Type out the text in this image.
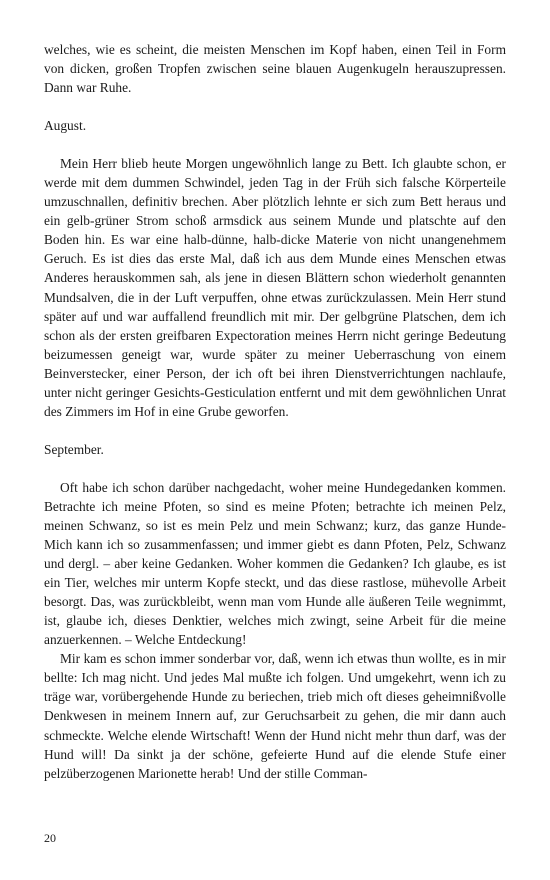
welches, wie es scheint, die meisten Menschen im Kopf haben, einen Teil in Form von dicken, großen Tropfen zwischen seine blauen Augenkugeln herauszupressen. Dann war Ruhe.

August.

Mein Herr blieb heute Morgen ungewöhnlich lange zu Bett. Ich glaubte schon, er werde mit dem dummen Schwindel, jeden Tag in der Früh sich falsche Körperteile umzuschnallen, definitiv brechen. Aber plötzlich lehnte er sich zum Bett heraus und ein gelb-grüner Strom schoß armsdick aus seinem Munde und platschte auf den Boden hin. Es war eine halb-dünne, halb-dicke Materie von nicht unangenehmem Geruch. Es ist dies das erste Mal, daß ich aus dem Munde eines Menschen etwas Anderes herauskommen sah, als jene in diesen Blättern schon wiederholt genannten Mundsalven, die in der Luft verpuffen, ohne etwas zurückzulassen. Mein Herr stund später auf und war auffallend freundlich mit mir. Der gelbgrüne Platschen, dem ich schon als der ersten greifbaren Expectoration meines Herrn nicht geringe Bedeutung beizumessen geneigt war, wurde später zu meiner Ueberraschung von einem Beinverstecker, einer Person, der ich oft bei ihren Dienstverrichtungen nachlaufe, unter nicht geringer Gesichts-Gesticulation entfernt und mit dem gewöhnlichen Unrat des Zimmers im Hof in eine Grube geworfen.

September.

Oft habe ich schon darüber nachgedacht, woher meine Hundegedanken kommen. Betrachte ich meine Pfoten, so sind es meine Pfoten; betrachte ich meinen Pelz, meinen Schwanz, so ist es mein Pelz und mein Schwanz; kurz, das ganze Hunde-Mich kann ich so zusammenfassen; und immer giebt es dann Pfoten, Pelz, Schwanz und dergl. – aber keine Gedanken. Woher kommen die Gedanken? Ich glaube, es ist ein Tier, welches mir unterm Kopfe steckt, und das diese rastlose, mühevolle Arbeit besorgt. Das, was zurückbleibt, wenn man vom Hunde alle äußeren Teile wegnimmt, ist, glaube ich, dieses Denktier, welches mich zwingt, seine Arbeit für die meine anzuerkennen. – Welche Entdeckung!

Mir kam es schon immer sonderbar vor, daß, wenn ich etwas thun wollte, es in mir bellte: Ich mag nicht. Und jedes Mal mußte ich folgen. Und umgekehrt, wenn ich zu träge war, vorübergehende Hunde zu beriechen, trieb mich oft dieses geheimnißvolle Denkwesen in meinem Innern auf, zur Geruchsarbeit zu gehen, die mir dann auch schmeckte. Welche elende Wirtschaft! Wenn der Hund nicht mehr thun darf, was der Hund will! Da sinkt ja der schöne, gefeierte Hund auf die elende Stufe einer pelzüberzogenen Marionette herab! Und der stille Comman-

20
